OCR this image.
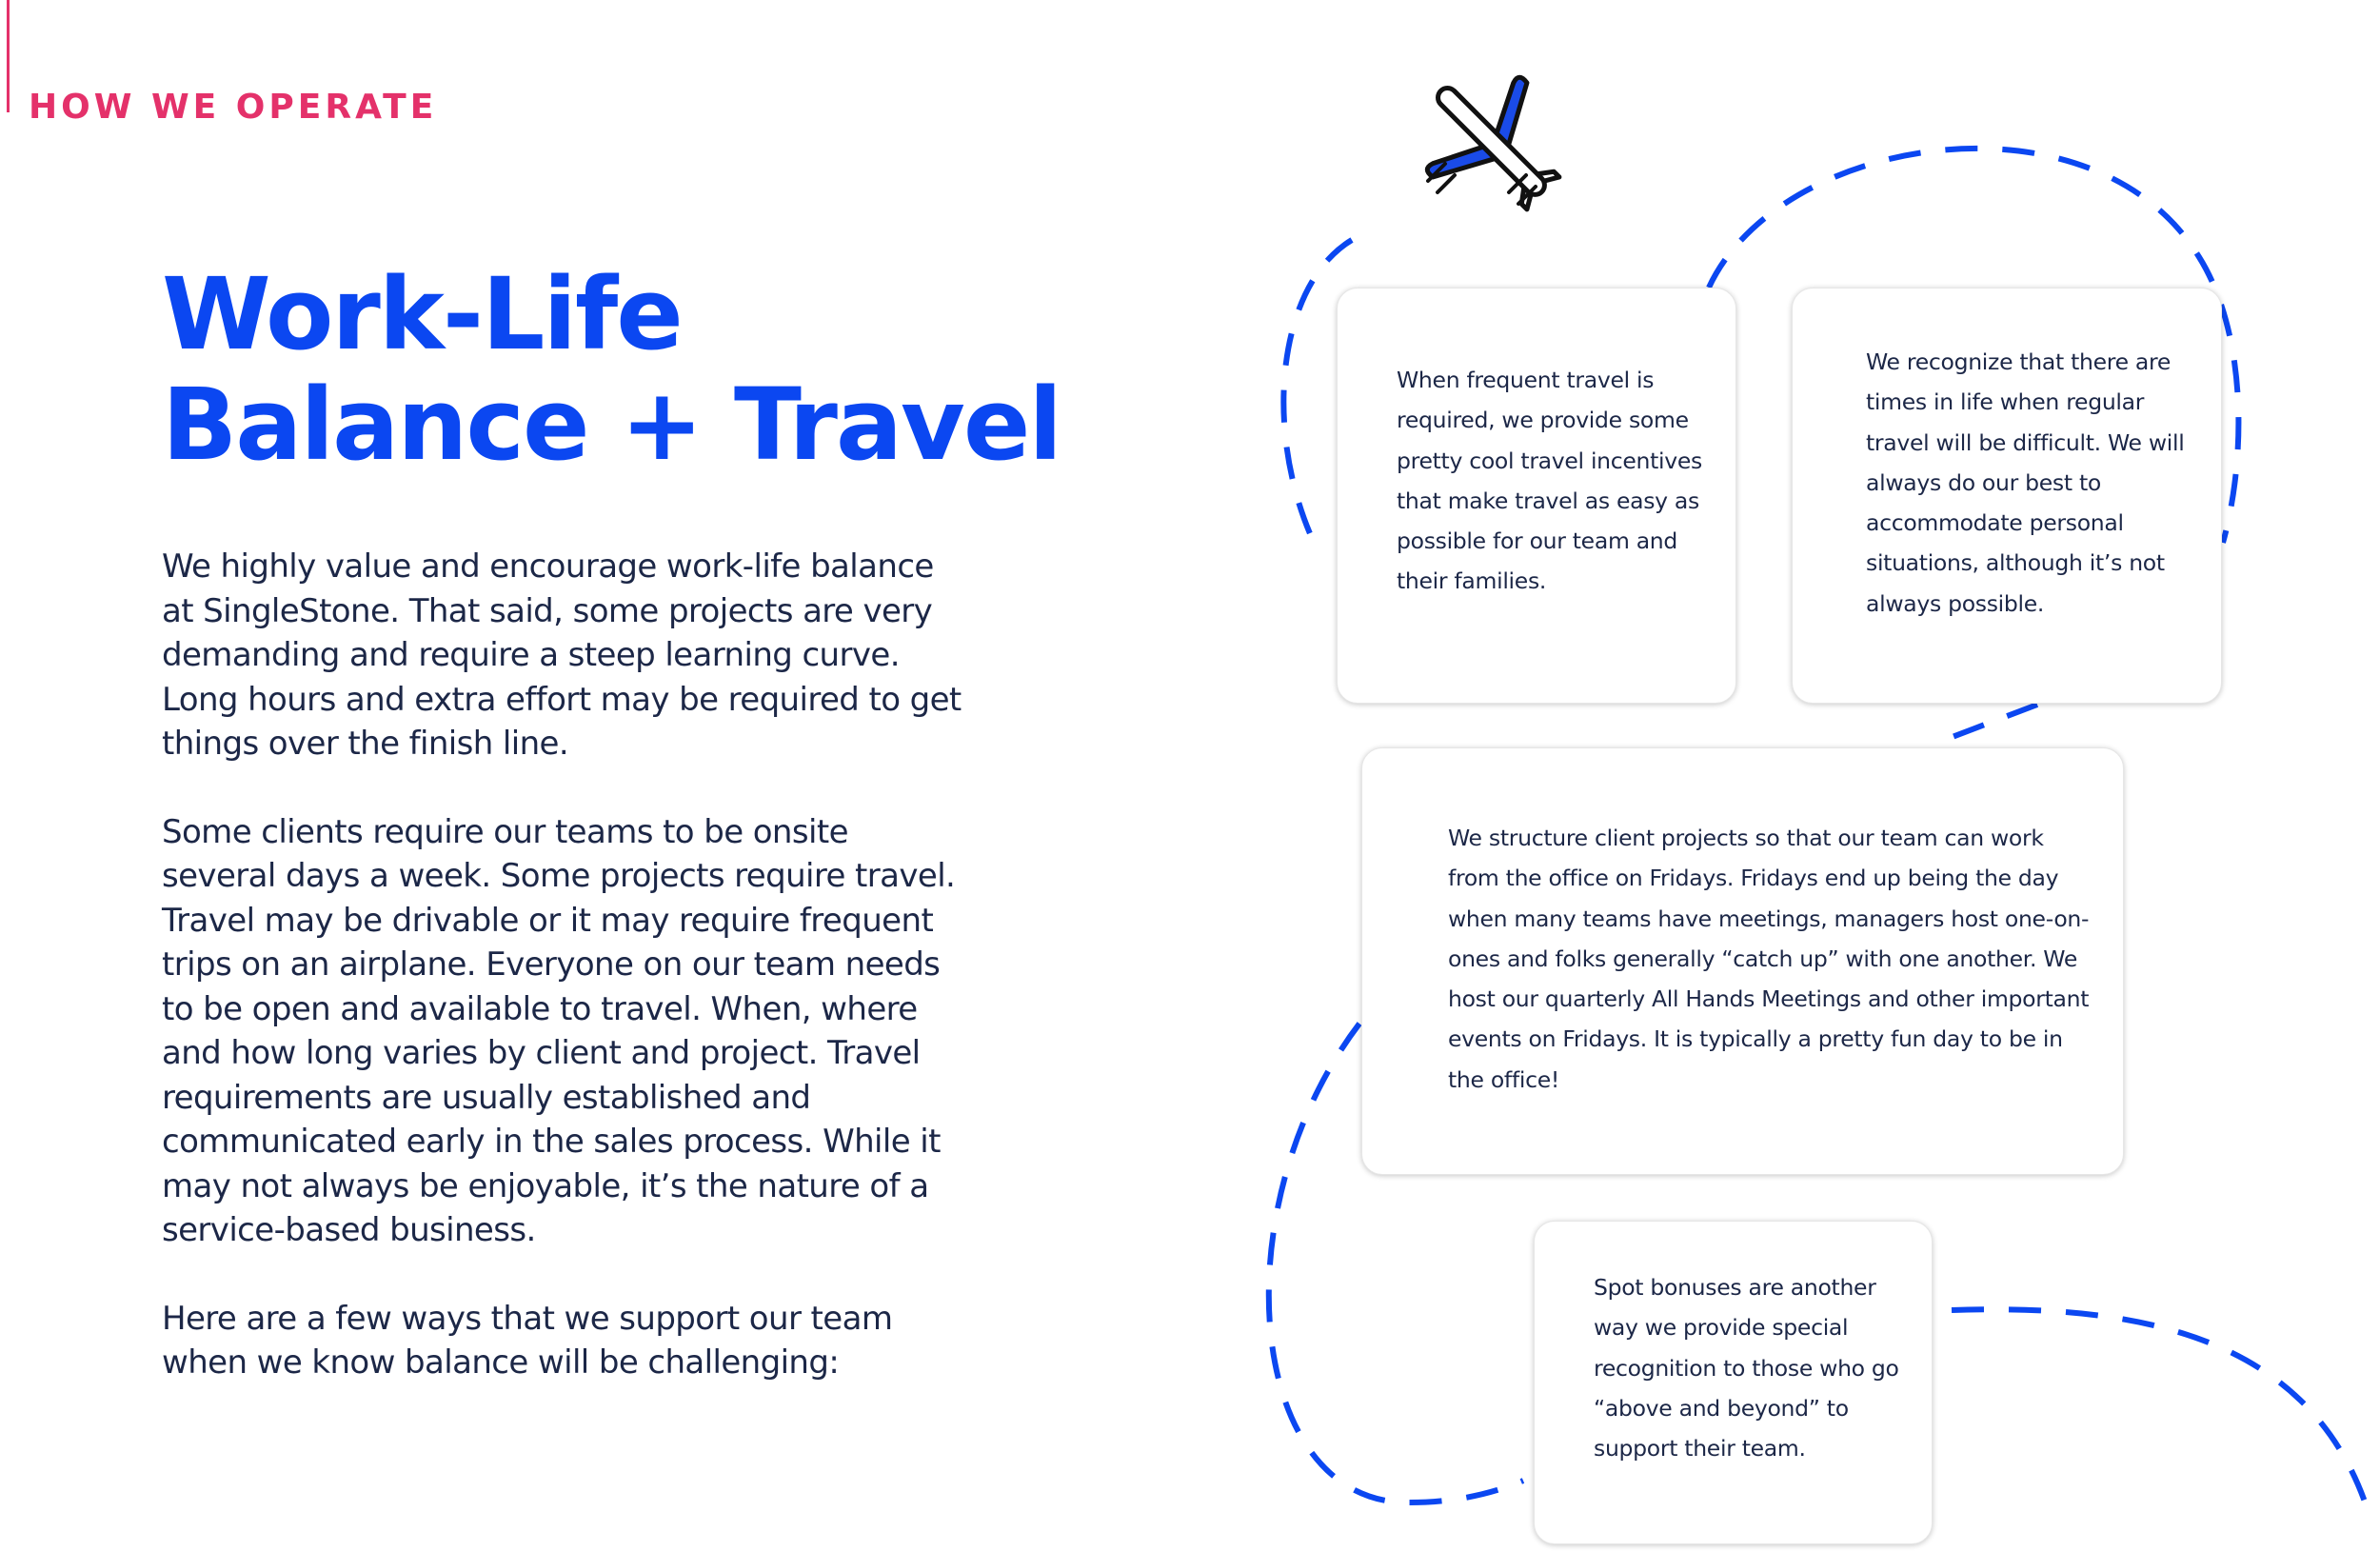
HOW WE OPERATE
Work-Life
Balance + Travel

We highly value and encourage work-life balance at SingleStone. That said, some projects are very demanding and require a steep learning curve. Long hours and extra effort may be required to get things over the finish line.

Some clients require our teams to be onsite several days a week. Some projects require travel. Travel may be drivable or it may require frequent trips on an airplane. Everyone on our team needs to be open and available to travel. When, where and how long varies by client and project. Travel requirements are usually established and communicated early in the sales process. While it may not always be enjoyable, it’s the nature of a service-based business.

Here are a few ways that we support our team when we know balance will be challenging:

When frequent travel is required, we provide some pretty cool travel incentives that make travel as easy as possible for our team and their families.

We recognize that there are times in life when regular travel will be difficult. We will always do our best to accommodate personal situations, although it’s not always possible.

We structure client projects so that our team can work from the office on Fridays. Fridays end up being the day when many teams have meetings, managers host one-on-ones and folks generally “catch up” with one another. We host our quarterly All Hands Meetings and other important events on Fridays. It is typically a pretty fun day to be in the office!

Spot bonuses are another way we provide special recognition to those who go “above and beyond” to support their team.
